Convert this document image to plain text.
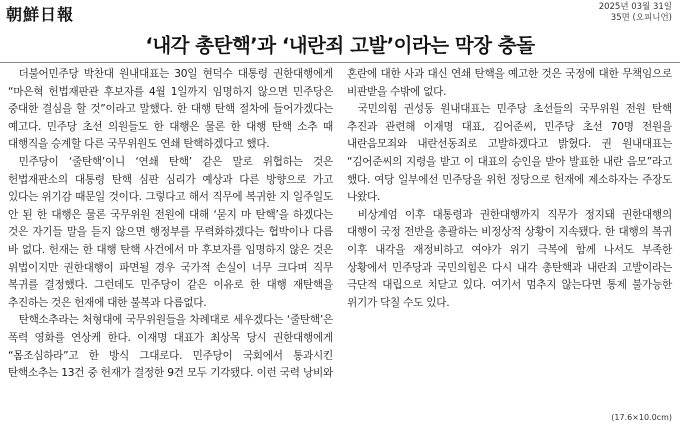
朝鮮日報	2025년 03월 31일
35면 (오피니언)
‘내각 총탄핵’과 ‘내란죄 고발’이라는 막장 충돌

더불어민주당 박찬대 원내대표는 30일 현덕수 대통령 권한대행에게 “마은혁 헌법재판관 후보자를 4월 1일까지 임명하지 않으면 민주당은 중대한 결심을 할 것”이라고 말했다. 한 대행 탄핵 절차에 들어가겠다는 예고다. 민주당 초선 의원들도 한 대행은 물론 한 대행 탄핵 소추 때 대행직을 승계할 다른 국무위원도 연쇄 탄핵하겠다고 했다.

민주당이 ‘줄탄핵’이니 ‘연쇄 탄핵’ 같은 말로 위협하는 것은 헌법재판소의 대통령 탄핵 심판 심리가 예상과 다른 방향으로 가고 있다는 위기감 때문일 것이다. 그렇다고 해서 직무에 복귀한 지 일주일도 안 된 한 대행은 물론 국무위원 전원에 대해 ‘묻지 마 탄핵’을 하겠다는 것은 자기들 말을 듣지 않으면 행정부를 무력화하겠다는 협박이나 다름 바 없다. 헌재는 한 대행 탄핵 사건에서 마 후보자를 임명하지 않은 것은 위법이지만 권한대행이 파면될 경우 국가적 손실이 너무 크다며 직무 복귀를 결정했다. 그런데도 민주당이 같은 이유로 한 대행 재탄핵을 추진하는 것은 헌재에 대한 불복과 다름없다.

탄핵소추라는 처형대에 국무위원들을 차례대로 세우겠다는 ‘줄탄핵’은 폭력 영화를 연상케 한다. 이재명 대표가 최상목 당시 권한대행에게 “몸조심하라”고 한 방식 그대로다. 민주당이 국회에서 통과시킨 탄핵소추는 13건 중 헌재가 결정한 9건 모두 기각됐다. 이런 국력 낭비와 혼란에 대한 사과 대신 연쇄 탄핵을 예고한 것은 국정에 대한 무책임으로 비판받을 수밖에 없다.

국민의힘 권성동 원내대표는 민주당 초선들의 국무위원 전원 탄핵 추진과 관련해 이재명 대표, 김어준씨, 민주당 초선 70명 전원을 내란음모죄와 내란선동죄로 고발하겠다고 밝혔다. 권 원내대표는 “김어준씨의 지령을 받고 이 대표의 승인을 받아 발표한 내란 음모”라고 했다. 여당 일부에선 민주당을 위헌 정당으로 헌재에 제소하자는 주장도 나왔다.

비상계엄 이후 대통령과 권한대행까지 직무가 정지돼 권한대행의 대행이 국정 전반을 총괄하는 비정상적 상황이 지속됐다. 한 대행의 복귀 이후 내각을 재정비하고 여야가 위기 극복에 함께 나서도 부족한 상황에서 민주당과 국민의힘은 다시 내각 총탄핵과 내란죄 고발이라는 극단적 대립으로 치닫고 있다. 여기서 멈추지 않는다면 통제 불가능한 위기가 닥칠 수도 있다.

(17.6×10.0cm)
